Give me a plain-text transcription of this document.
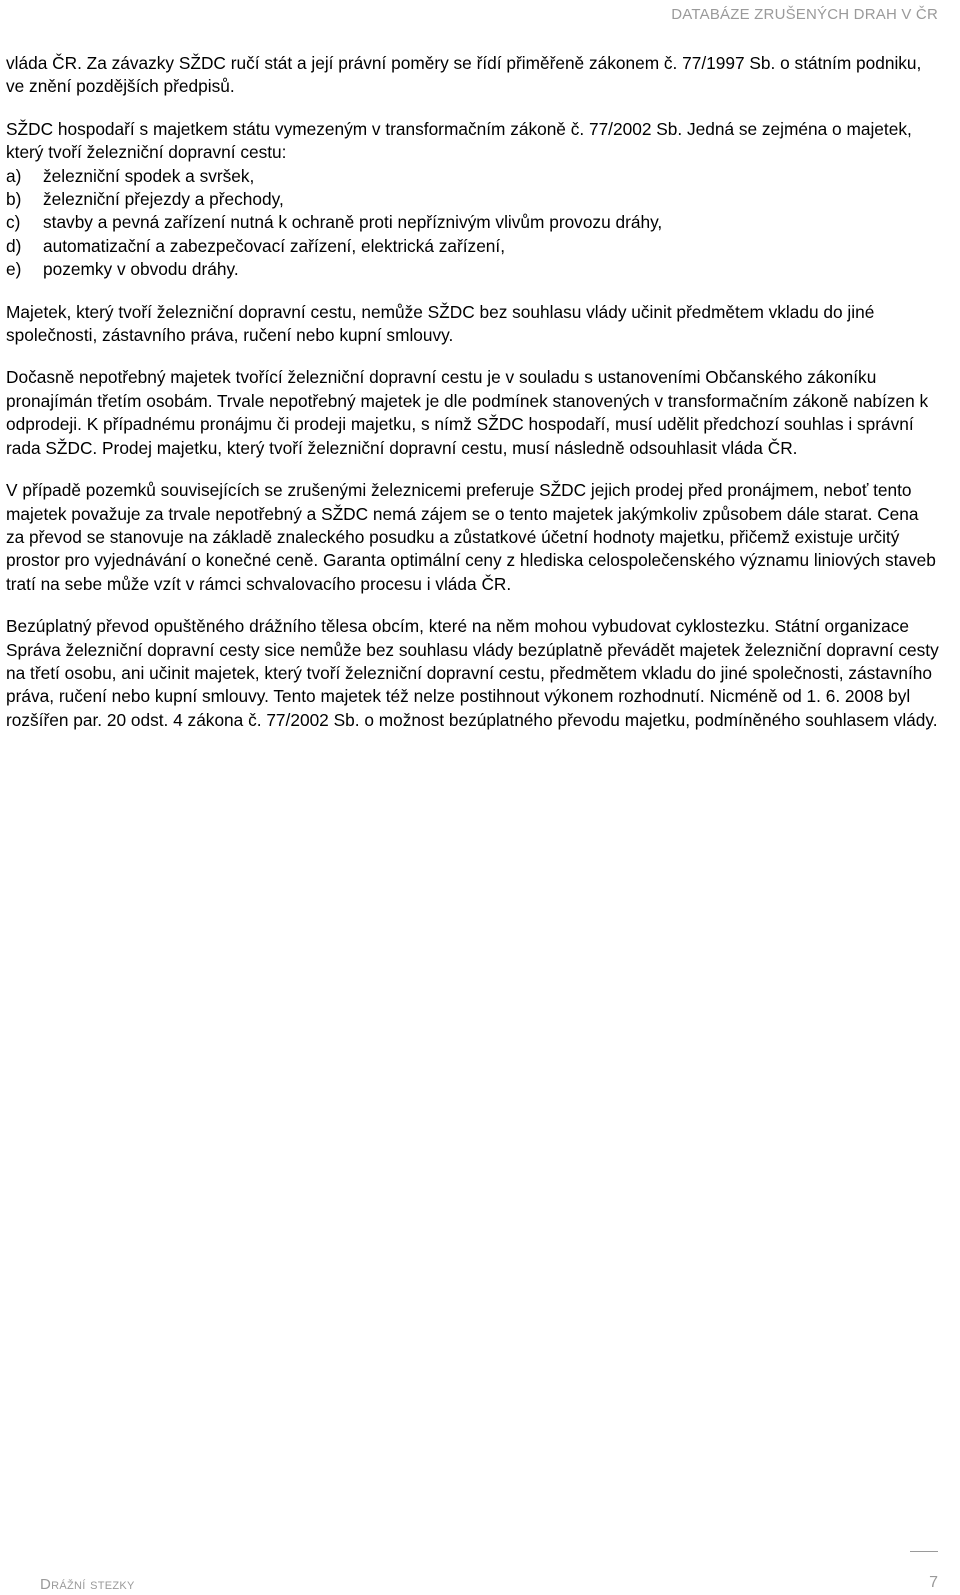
DATABÁZE ZRUŠENÝCH DRAH V ČR

vláda ČR. Za závazky SŽDC ručí stát a její právní poměry se řídí přiměřeně zákonem č. 77/1997 Sb. o státním podniku, ve znění pozdějších předpisů.

SŽDC hospodaří s majetkem státu vymezeným v transformačním zákoně č. 77/2002 Sb. Jedná se zejména o majetek, který tvoří železniční dopravní cestu:

a)	železniční spodek a svršek,
b)	železniční přejezdy a přechody,
c)	stavby a pevná zařízení nutná k ochraně proti nepříznivým vlivům provozu dráhy,
d)	automatizační a zabezpečovací zařízení, elektrická zařízení,
e)	pozemky v obvodu dráhy.

Majetek, který tvoří železniční dopravní cestu, nemůže SŽDC bez souhlasu vlády učinit předmětem vkladu do jiné společnosti, zástavního práva, ručení nebo kupní smlouvy.

Dočasně nepotřebný majetek tvořící železniční dopravní cestu je v souladu s ustanoveními Občanského zákoníku pronajímán třetím osobám. Trvale nepotřebný majetek je dle podmínek stanovených v transformačním zákoně nabízen k odprodeji. K případnému pronájmu či prodeji majetku, s nímž SŽDC hospodaří, musí udělit předchozí souhlas i správní rada SŽDC. Prodej majetku, který tvoří železniční dopravní cestu, musí následně odsouhlasit vláda ČR.

V případě pozemků souvisejících se zrušenými železnicemi preferuje SŽDC jejich prodej před pronájmem, neboť tento majetek považuje za trvale nepotřebný a SŽDC nemá zájem se o tento majetek jakýmkoliv způsobem dále starat. Cena za převod se stanovuje na základě znaleckého posudku a zůstatkové účetní hodnoty majetku, přičemž existuje určitý prostor pro vyjednávání o konečné ceně. Garanta optimální ceny z hlediska celospolečenského významu liniových staveb tratí na sebe může vzít v rámci schvalovacího procesu i vláda ČR.

Bezúplatný převod opuštěného drážního tělesa obcím, které na něm mohou vybudovat cyklostezku. Státní organizace Správa železniční dopravní cesty sice nemůže bez souhlasu vlády bezúplatně převádět majetek železniční dopravní cesty na třetí osobu, ani učinit majetek, který tvoří železniční dopravní cestu, předmětem vkladu do jiné společnosti, zástavního práva, ručení nebo kupní smlouvy. Tento majetek též nelze postihnout výkonem rozhodnutí. Nicméně od 1. 6. 2008 byl rozšířen par. 20 odst. 4 zákona č. 77/2002 Sb. o možnost bezúplatného převodu majetku, podmíněného souhlasem vlády.

Drážní stezky	7
